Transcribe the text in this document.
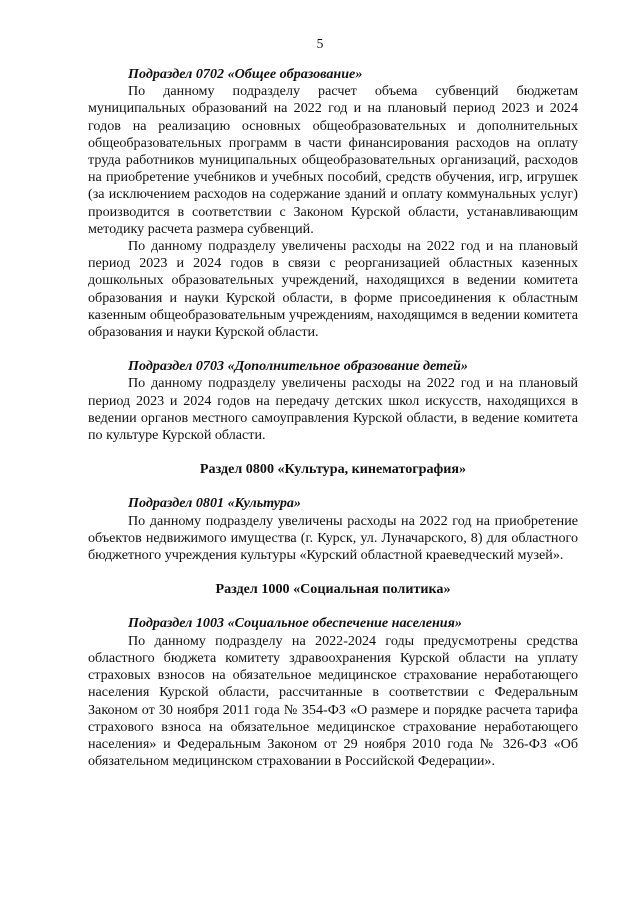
5

Подраздел 0702 «Общее образование»

По данному подразделу расчет объема субвенций бюджетам муниципальных образований на 2022 год и на плановый период 2023 и 2024 годов на реализацию основных общеобразовательных и дополнительных общеобразовательных программ в части финансирования расходов на оплату труда работников муниципальных общеобразовательных организаций, расходов на приобретение учебников и учебных пособий, средств обучения, игр, игрушек (за исключением расходов на содержание зданий и оплату коммунальных услуг) производится в соответствии с Законом Курской области, устанавливающим методику расчета размера субвенций.

По данному подразделу увеличены расходы на 2022 год и на плановый период 2023 и 2024 годов в связи с реорганизацией областных казенных дошкольных образовательных учреждений, находящихся в ведении комитета образования и науки Курской области, в форме присоединения к областным казенным общеобразовательным учреждениям, находящимся в ведении комитета образования и науки Курской области.

Подраздел 0703 «Дополнительное образование детей»

По данному подразделу увеличены расходы на 2022 год и на плановый период 2023 и 2024 годов на передачу детских школ искусств, находящихся в ведении органов местного самоуправления Курской области, в ведение комитета по культуре Курской области.

Раздел 0800 «Культура, кинематография»

Подраздел 0801 «Культура»

По данному подразделу увеличены расходы на 2022 год на приобретение объектов недвижимого имущества (г. Курск, ул. Луначарского, 8) для областного бюджетного учреждения культуры «Курский областной краеведческий музей».

Раздел 1000 «Социальная политика»

Подраздел 1003 «Социальное обеспечение населения»

По данному подразделу на 2022-2024 годы предусмотрены средства областного бюджета комитету здравоохранения Курской области на уплату страховых взносов на обязательное медицинское страхование неработающего населения Курской области, рассчитанные в соответствии с Федеральным Законом от 30 ноября 2011 года № 354-ФЗ «О размере и порядке расчета тарифа страхового взноса на обязательное медицинское страхование неработающего населения» и Федеральным Законом от 29 ноября 2010 года № 326-ФЗ «Об обязательном медицинском страховании в Российской Федерации».
